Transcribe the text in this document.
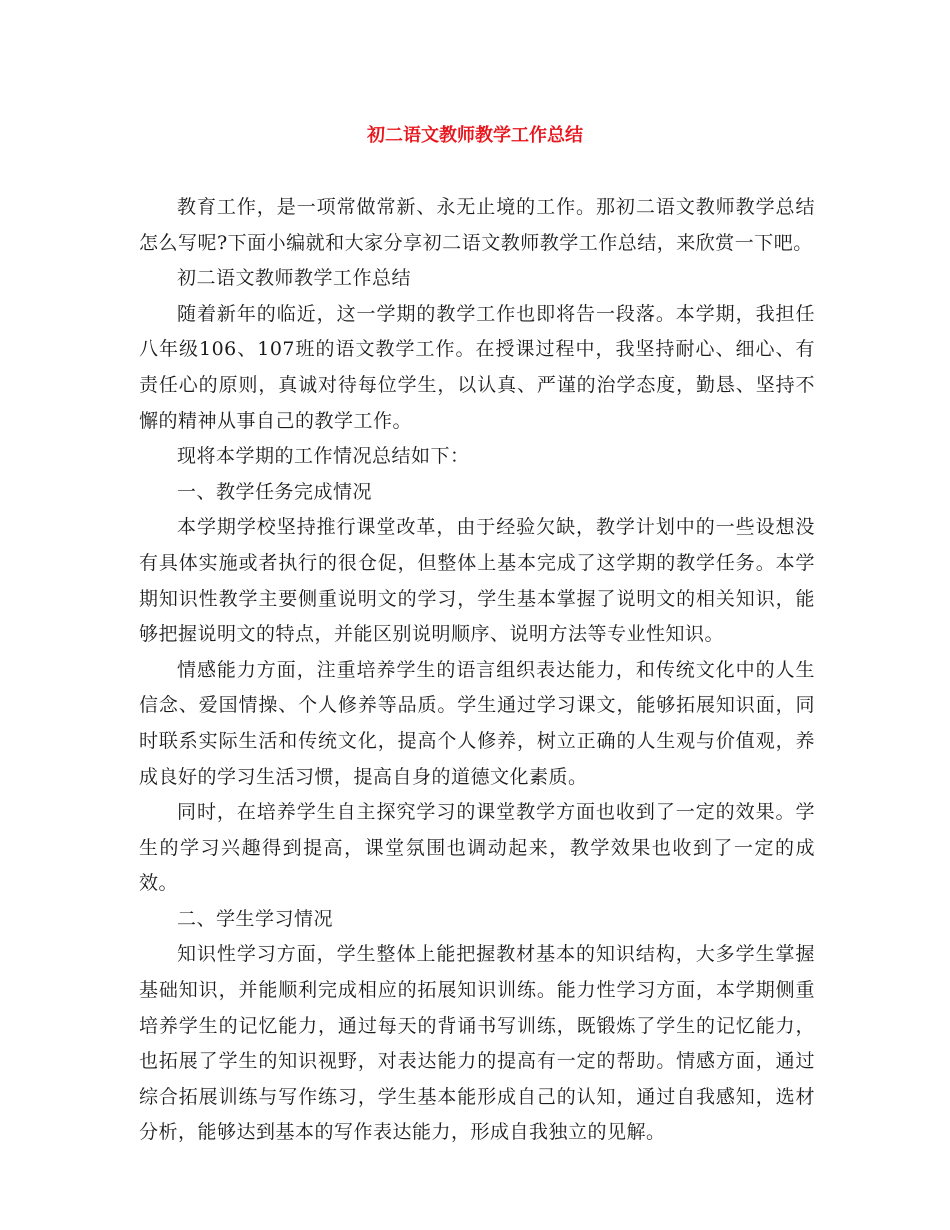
初二语文教师教学工作总结

教育工作，是一项常做常新、永无止境的工作。那初二语文教师教学总结怎么写呢?下面小编就和大家分享初二语文教师教学工作总结，来欣赏一下吧。

初二语文教师教学工作总结

随着新年的临近，这一学期的教学工作也即将告一段落。本学期，我担任八年级106、107班的语文教学工作。在授课过程中，我坚持耐心、细心、有责任心的原则，真诚对待每位学生，以认真、严谨的治学态度，勤恳、坚持不懈的精神从事自己的教学工作。

现将本学期的工作情况总结如下：

一、教学任务完成情况

本学期学校坚持推行课堂改革，由于经验欠缺，教学计划中的一些设想没有具体实施或者执行的很仓促，但整体上基本完成了这学期的教学任务。本学期知识性教学主要侧重说明文的学习，学生基本掌握了说明文的相关知识，能够把握说明文的特点，并能区别说明顺序、说明方法等专业性知识。

情感能力方面，注重培养学生的语言组织表达能力，和传统文化中的人生信念、爱国情操、个人修养等品质。学生通过学习课文，能够拓展知识面，同时联系实际生活和传统文化，提高个人修养，树立正确的人生观与价值观，养成良好的学习生活习惯，提高自身的道德文化素质。

同时，在培养学生自主探究学习的课堂教学方面也收到了一定的效果。学生的学习兴趣得到提高，课堂氛围也调动起来，教学效果也收到了一定的成效。

二、学生学习情况

知识性学习方面，学生整体上能把握教材基本的知识结构，大多学生掌握基础知识，并能顺利完成相应的拓展知识训练。能力性学习方面，本学期侧重培养学生的记忆能力，通过每天的背诵书写训练，既锻炼了学生的记忆能力，也拓展了学生的知识视野，对表达能力的提高有一定的帮助。情感方面，通过综合拓展训练与写作练习，学生基本能形成自己的认知，通过自我感知，选材分析，能够达到基本的写作表达能力，形成自我独立的见解。
